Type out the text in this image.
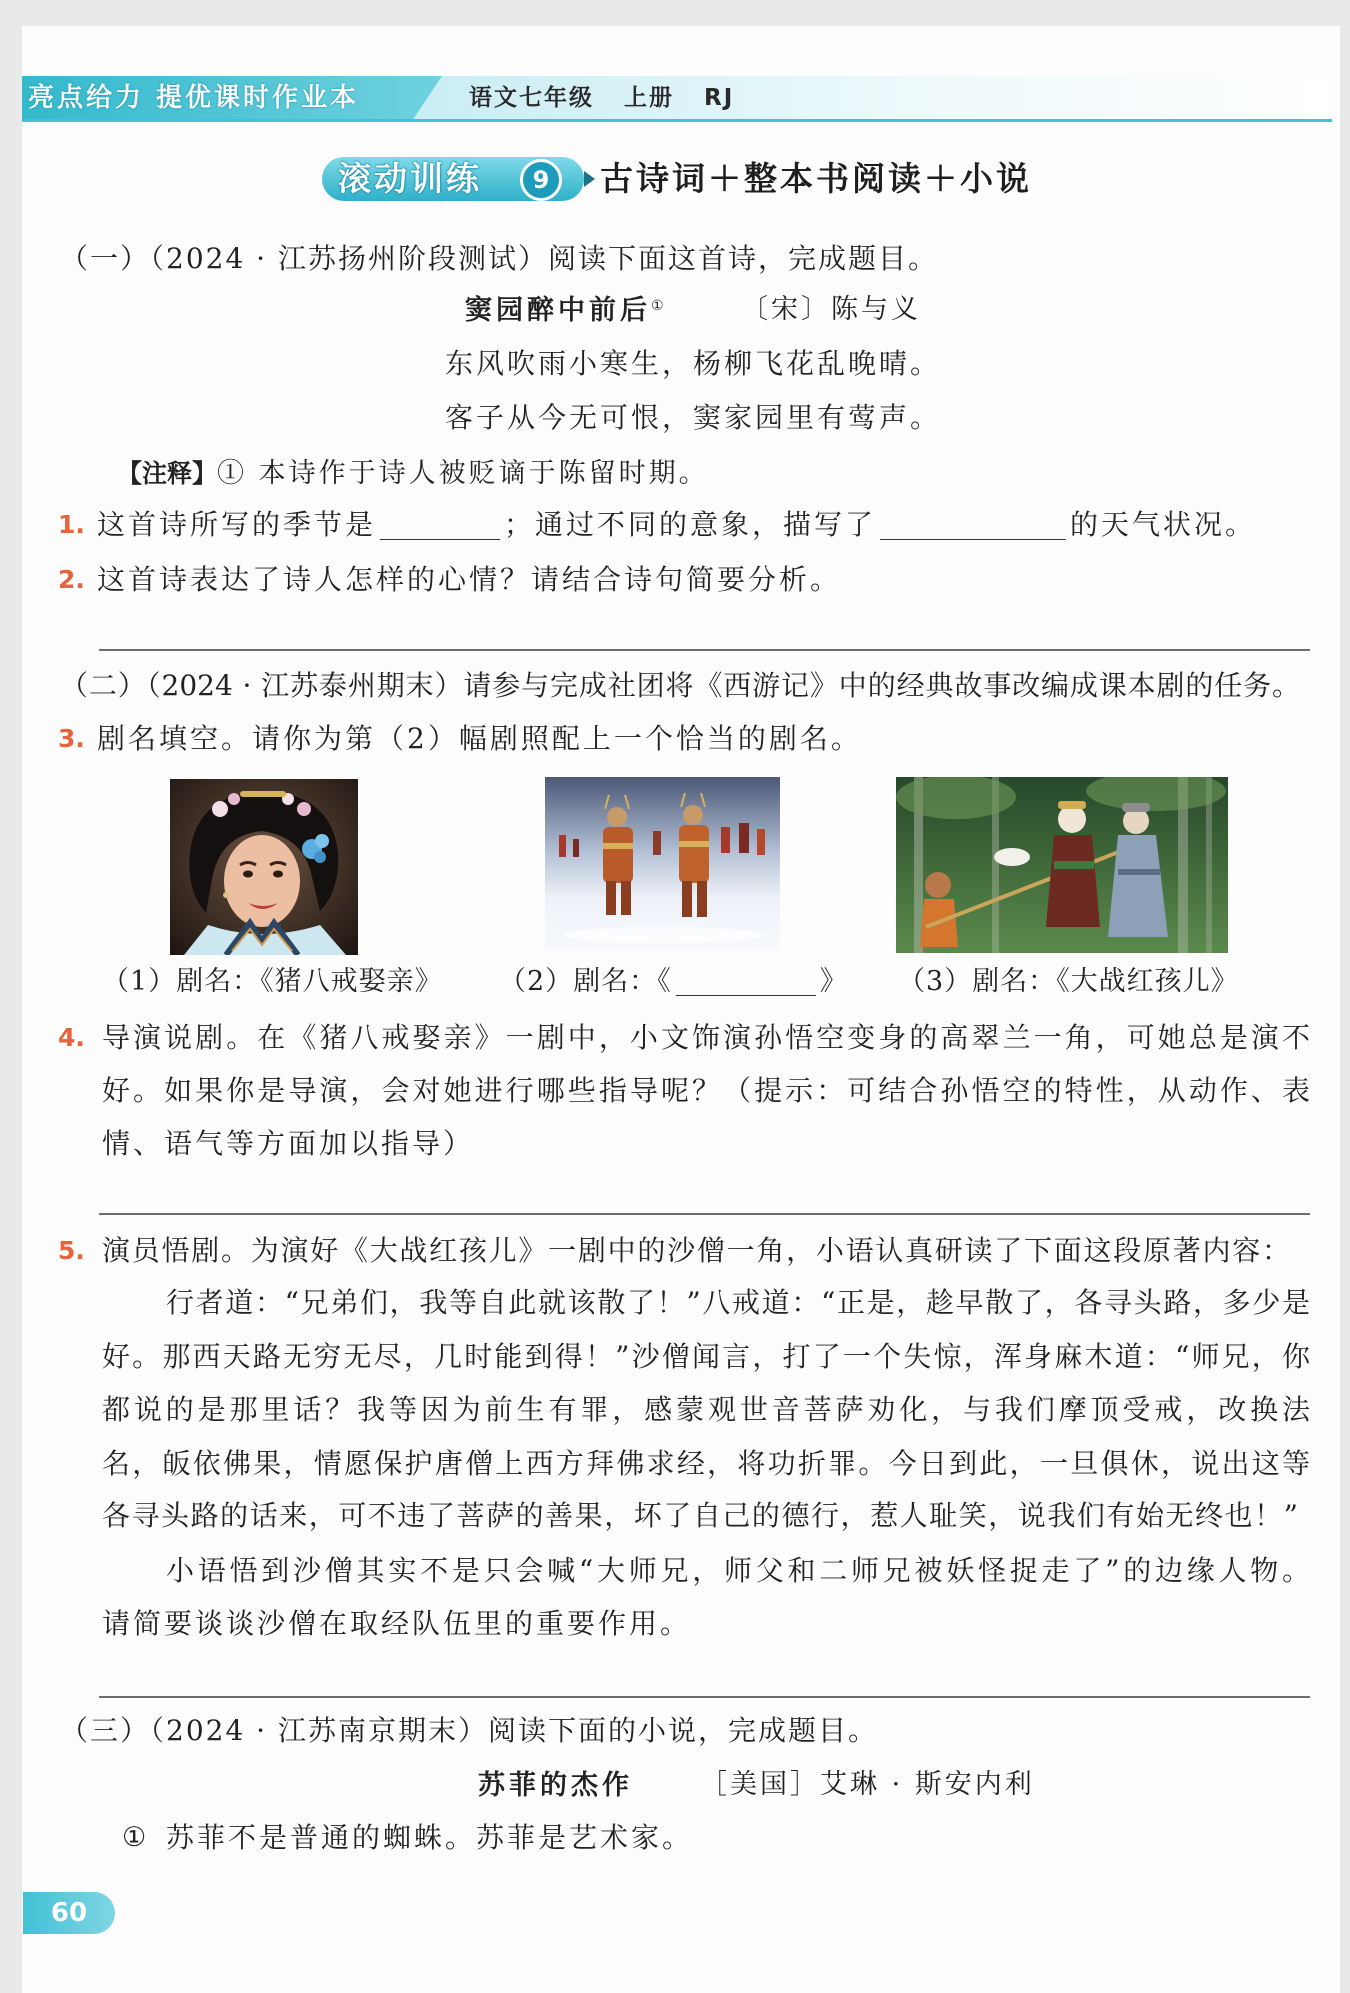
亮点给力 提优课时作业本	语文七年级 上册 RJ
滚动训练	9	古诗词＋整本书阅读＋小说
（一）（2024 · 江苏扬州阶段测试）阅读下面这首诗，完成题目。
窦园醉中前后①	〔宋〕陈与义
东风吹雨小寒生，杨柳飞花乱晚晴。
客子从今无可恨，窦家园里有莺声。
【注释】① 本诗作于诗人被贬谪于陈留时期。
1. 这首诗所写的季节是	；通过不同的意象，描写了	的天气状况。
2. 这首诗表达了诗人怎样的心情？请结合诗句简要分析。
（二）（2024 · 江苏泰州期末）请参与完成社团将《西游记》中的经典故事改编成课本剧的任务。
3. 剧名填空。请你为第（2）幅剧照配上一个恰当的剧名。
（1）剧名：《猪八戒娶亲》 （2）剧名：《	》 （3）剧名：《大战红孩儿》
4. 导演说剧。在《猪八戒娶亲》一剧中，小文饰演孙悟空变身的高翠兰一角，可她总是演不
好。如果你是导演，会对她进行哪些指导呢？（提示：可结合孙悟空的特性，从动作、表
情、语气等方面加以指导）
5. 演员悟剧。为演好《大战红孩儿》一剧中的沙僧一角，小语认真研读了下面这段原著内容：
行者道：“兄弟们，我等自此就该散了！”八戒道：“正是，趁早散了，各寻头路，多少是
好。那西天路无穷无尽，几时能到得！”沙僧闻言，打了一个失惊，浑身麻木道：“师兄，你
都说的是那里话？我等因为前生有罪，感蒙观世音菩萨劝化，与我们摩顶受戒，改换法
名，皈依佛果，情愿保护唐僧上西方拜佛求经，将功折罪。今日到此，一旦俱休，说出这等
各寻头路的话来，可不违了菩萨的善果，坏了自己的德行，惹人耻笑，说我们有始无终也！”
小语悟到沙僧其实不是只会喊“大师兄，师父和二师兄被妖怪捉走了”的边缘人物。
请简要谈谈沙僧在取经队伍里的重要作用。
（三）（2024 · 江苏南京期末）阅读下面的小说，完成题目。
苏菲的杰作 ［美国］艾琳 · 斯安内利
① 苏菲不是普通的蜘蛛。苏菲是艺术家。
60
